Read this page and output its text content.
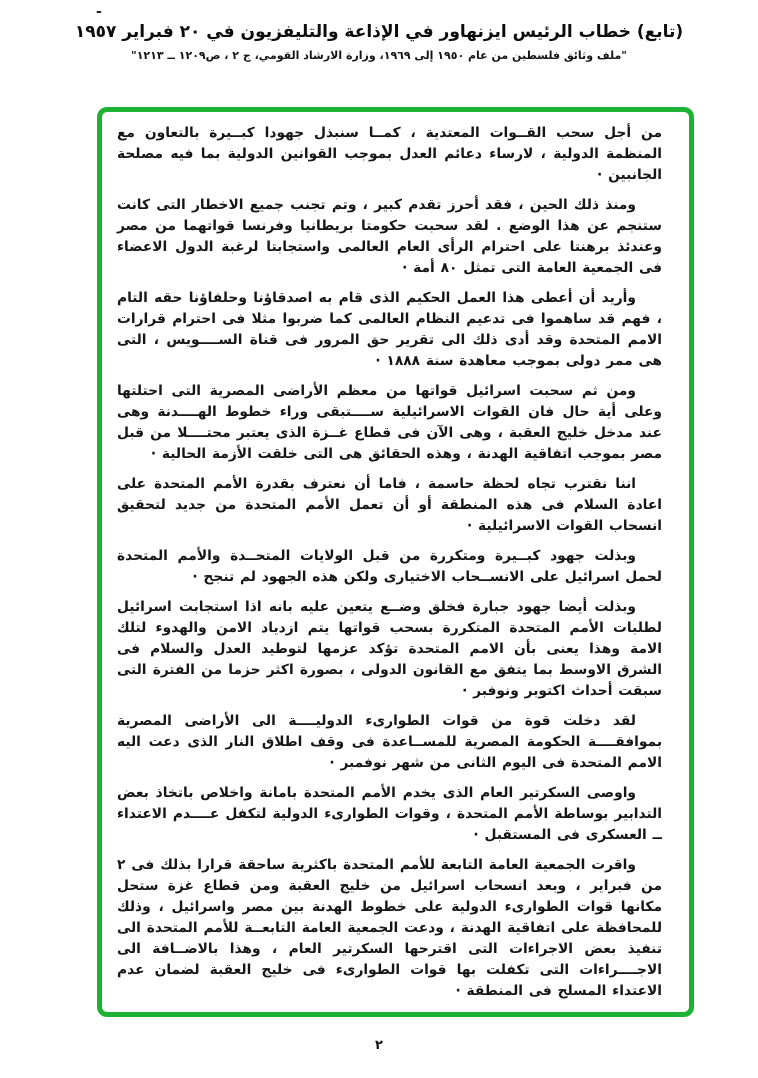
-
(تابع) خطاب الرئيس ايزنهاور في الإذاعة والتليفزيون في ٢٠ فبراير ١٩٥٧
"ملف وثائق فلسطين من عام ١٩٥٠ إلى ١٩٦٩، وزارة الارشاد القومي، ج ٢ ، ص١٢٠٩ ــ ١٢١٣"

من أجل سحب القــوات المعتدية ، كمــا سنبذل جهودا كبــيرة بالتعاون مع المنظمة الدولية ، لارساء دعائم العدل بموجب القوانين الدولية بما فيه مصلحة الجانبين ·

ومنذ ذلك الحين ، فقد أحرز تقدم كبير ، وتم تجنب جميع الاخطار التى كانت ستنجم عن هذا الوضع . لقد سحبت حكومتا بريطانيا وفرنسا قواتهما من مصر وعندئذ برهنتا على احترام الرأى العام العالمى واستجابتا لرغبة الدول الاعضاء فى الجمعية العامة التى تمثل ٨٠ أمة ·

وأريد أن أعطى هذا العمل الحكيم الذى قام به اصدقاؤنا وحلفاؤنا حقه التام ، فهم قد ساهموا فى تدعيم النظام العالمى كما ضربوا مثلا فى احترام قرارات الامم المتحدة وقد أدى ذلك الى تقرير حق المرور فى قناة الســــويس ، التى هى ممر دولى بموجب معاهدة سنة ١٨٨٨ ·

ومن ثم سحبت اسرائيل قواتها من معظم الأراضى المصرية التى احتلتها وعلى أية حال فان القوات الاسرائيلية ســــتبقى وراء خطوط الهــــدنة وهى عند مدخل خليج العقبة ، وهى الآن فى قطاع غــزة الذى يعتبر محتــــلا من قبل مصر بموجب اتفاقية الهدنة ، وهذه الحقائق هى التى خلقت الأزمة الحالية ·

اننا نقترب تجاه لحظة حاسمة ، فاما أن نعترف بقدرة الأمم المتحدة على اعادة السلام فى هذه المنطقة أو أن تعمل الأمم المتحدة من جديد لتحقيق انسحاب القوات الاسرائيلية ·

وبذلت جهود كبــيرة ومتكررة من قبل الولايات المتحــدة والأمم المتحدة لحمل اسرائيل على الانســحاب الاختيارى ولكن هذه الجهود لم تنجح ·

وبذلت أيضا جهود جبارة فخلق وضــع يتعين عليه بانه اذا استجابت اسرائيل لطلبات الأمم المتحدة المتكررة بسحب قواتها يتم ازدياد الامن والهدوء لتلك الامة وهذا يعنى بأن الامم المتحدة تؤكد عزمها لتوطيد العدل والسلام فى الشرق الاوسط بما يتفق مع القانون الدولى ، بصورة اكثر حزما من الفترة التى سبقت أحداث اكتوبر ونوفبر ·

لقد دخلت قوة من قوات الطوارىء الدوليــــة الى الأراضى المصرية بموافقــــة الحكومة المصرية للمســاعدة فى وقف اطلاق النار الذى دعت اليه الامم المتحدة فى اليوم الثانى من شهر نوفمبر ·

واوصى السكرتير العام الذى يخدم الأمم المتحدة بامانة واخلاص باتخاذ بعض التدابير بوساطة الأمم المتحدة ، وقوات الطوارىء الدولية لتكفل عــــدم الاعتداء ــ العسكرى فى المستقبل ·

واقرت الجمعية العامة التابعة للأمم المتحدة باكثرية ساحقة قرارا بذلك فى ٢ من فبراير ، وبعد انسحاب اسرائيل من خليج العقبة ومن قطاع غزة ستحل مكانها قوات الطوارىء الدولية على خطوط الهدنة بين مصر واسرائيل ، وذلك للمحافظة على اتفاقية الهدنة ، ودعت الجمعية العامة التابعــة للأمم المتحدة الى تنفيذ بعض الاجراءات التى اقترحها السكرتير العام ، وهذا بالاضــافة الى الاجــــراءات التى تكفلت بها قوات الطوارىء فى خليج العقبة لضمان عدم الاعتداء المسلح فى المنطقة ·

٢
